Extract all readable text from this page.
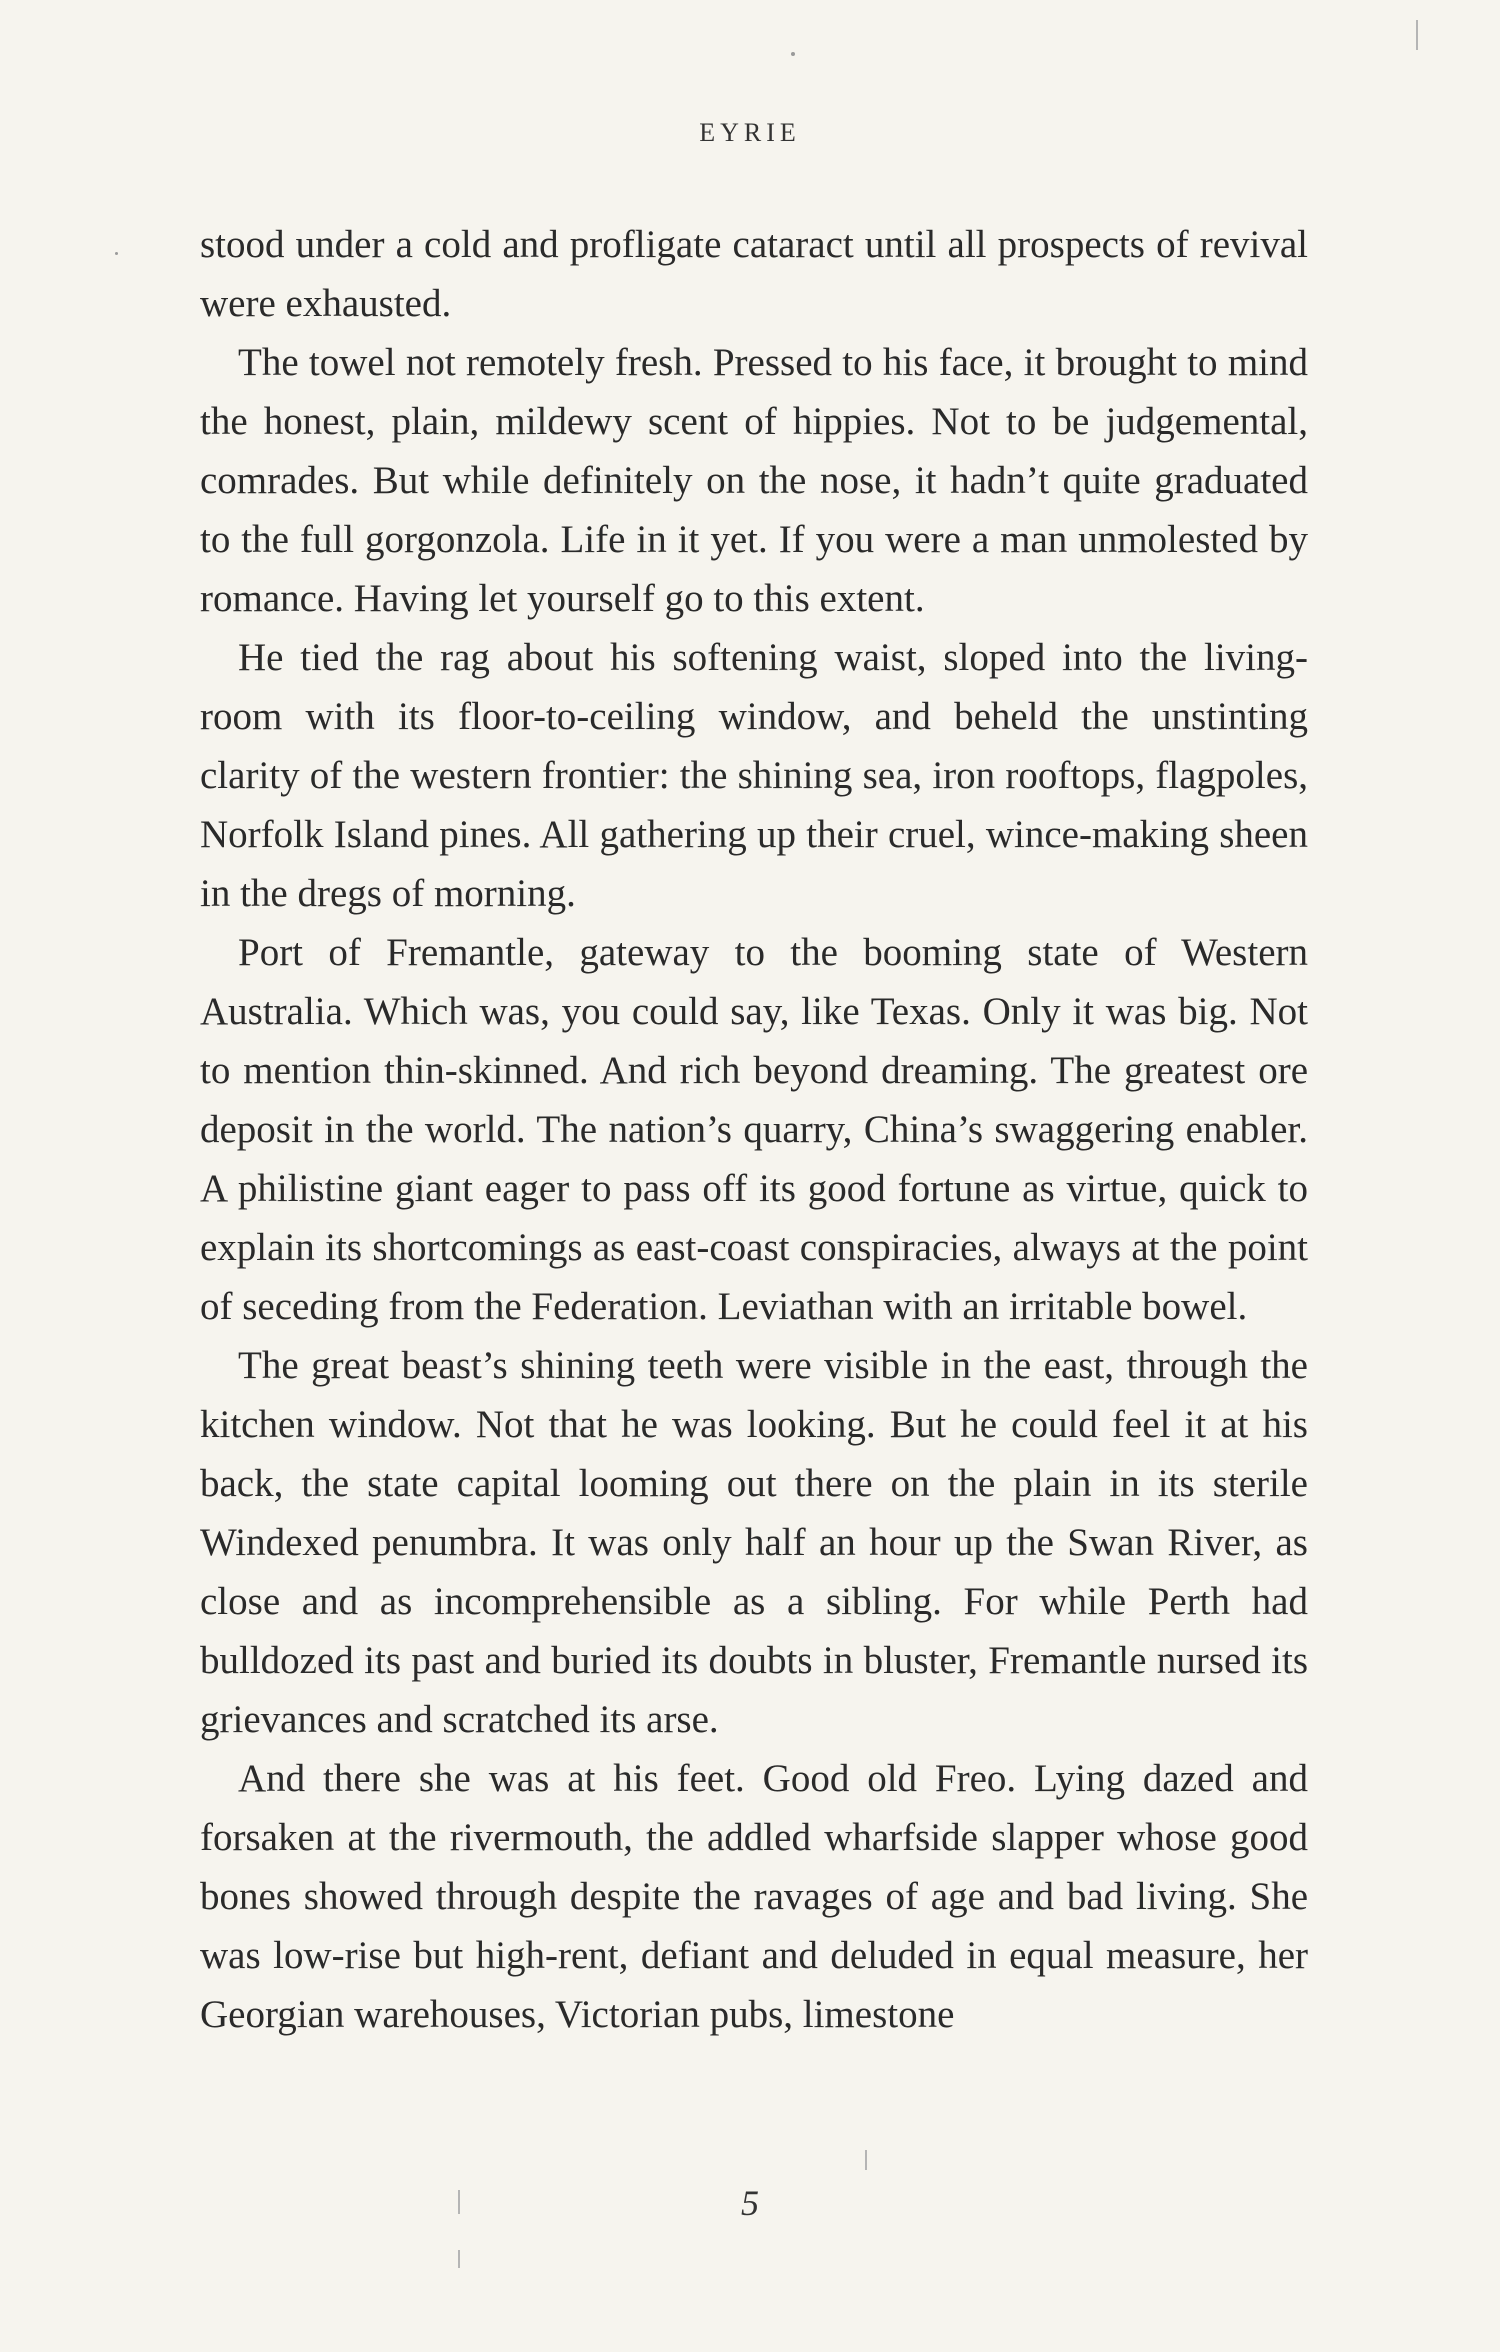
EYRIE

stood under a cold and profligate cataract until all prospects of revival were exhausted.

The towel not remotely fresh. Pressed to his face, it brought to mind the honest, plain, mildewy scent of hippies. Not to be judgemental, comrades. But while definitely on the nose, it hadn’t quite graduated to the full gorgonzola. Life in it yet. If you were a man unmolested by romance. Having let yourself go to this extent.

He tied the rag about his softening waist, sloped into the living-room with its floor-to-ceiling window, and beheld the unstinting clarity of the western frontier: the shining sea, iron rooftops, flagpoles, Norfolk Island pines. All gathering up their cruel, wince-making sheen in the dregs of morning.

Port of Fremantle, gateway to the booming state of Western Australia. Which was, you could say, like Texas. Only it was big. Not to mention thin-skinned. And rich beyond dreaming. The greatest ore deposit in the world. The nation’s quarry, China’s swaggering enabler. A philistine giant eager to pass off its good fortune as virtue, quick to explain its shortcomings as east-coast conspiracies, always at the point of seceding from the Federation. Leviathan with an irritable bowel.

The great beast’s shining teeth were visible in the east, through the kitchen window. Not that he was looking. But he could feel it at his back, the state capital looming out there on the plain in its sterile Windexed penumbra. It was only half an hour up the Swan River, as close and as incomprehensible as a sibling. For while Perth had bulldozed its past and buried its doubts in bluster, Fremantle nursed its grievances and scratched its arse.

And there she was at his feet. Good old Freo. Lying dazed and forsaken at the rivermouth, the addled wharfside slapper whose good bones showed through despite the ravages of age and bad living. She was low-rise but high-rent, defiant and deluded in equal measure, her Georgian warehouses, Victorian pubs, limestone

5
